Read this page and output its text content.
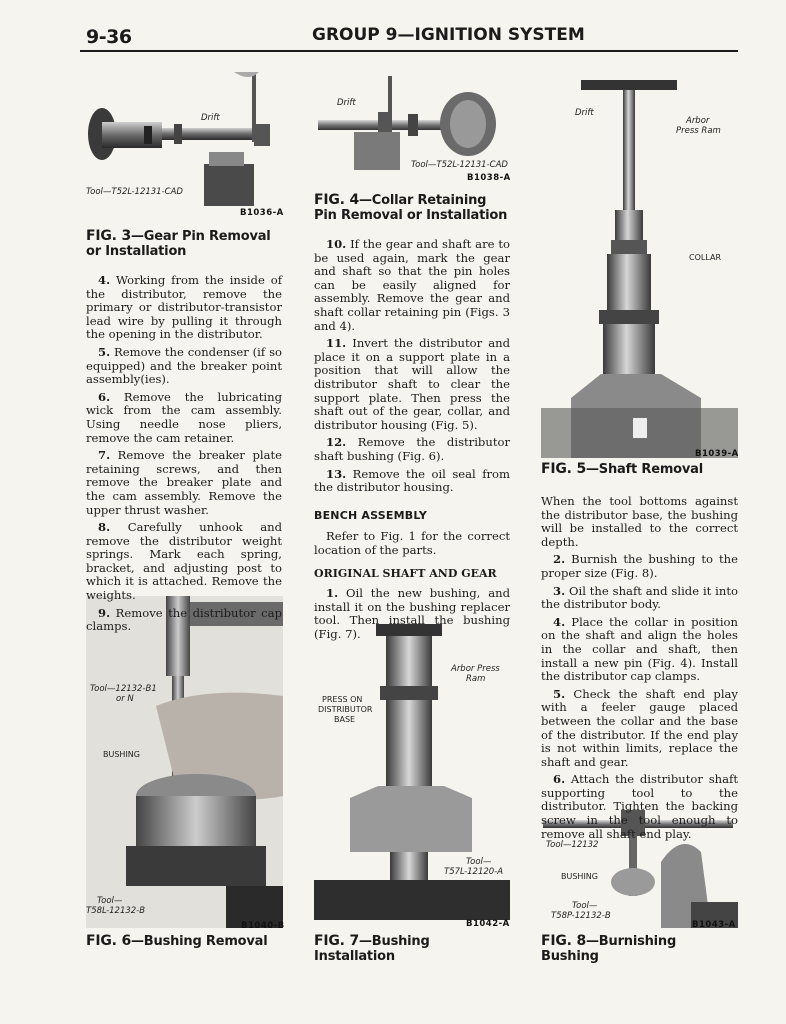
9-36	GROUP 9—IGNITION SYSTEM
Drift
Tool—T52L-12131-CAD
B1036-A
FIG. 3—Gear Pin Removal or Installation
Drift
Tool—T52L-12131-CAD
B1038-A
FIG. 4—Collar Retaining Pin Removal or Installation
Drift
Arbor
Press Ram
COLLAR
B1039-A
FIG. 5—Shaft Removal
Tool—12132-B1
or N
BUSHING
Tool—
T58L-12132-B
B1040-B
FIG. 6—Bushing Removal
Arbor Press
Ram
PRESS ON
DISTRIBUTOR
BASE
Tool—
T57L-12120-A
B1042-A
FIG. 7—Bushing Installation
Tool—12132
BUSHING
Tool—
T58P-12132-B
B1043-A
FIG. 8—Burnishing Bushing

4. Working from the inside of the distributor, remove the primary or distributor-transistor lead wire by pulling it through the opening in the distributor.

5. Remove the condenser (if so equipped) and the breaker point assembly(ies).

6. Remove the lubricating wick from the cam assembly. Using needle nose pliers, remove the cam retainer.

7. Remove the breaker plate retaining screws, and then remove the breaker plate and the cam assembly. Remove the upper thrust washer.

8. Carefully unhook and remove the distributor weight springs. Mark each spring, bracket, and adjusting post to which it is attached. Remove the weights.

9. Remove the distributor cap clamps.

10. If the gear and shaft are to be used again, mark the gear and shaft so that the pin holes can be easily aligned for assembly. Remove the gear and shaft collar retaining pin (Figs. 3 and 4).

11. Invert the distributor and place it on a support plate in a position that will allow the distributor shaft to clear the support plate. Then press the shaft out of the gear, collar, and distributor housing (Fig. 5).

12. Remove the distributor shaft bushing (Fig. 6).

13. Remove the oil seal from the distributor housing.

BENCH ASSEMBLY

Refer to Fig. 1 for the correct location of the parts.

ORIGINAL SHAFT AND GEAR

1. Oil the new bushing, and install it on the bushing replacer tool. Then install the bushing (Fig. 7).

When the tool bottoms against the distributor base, the bushing will be installed to the correct depth.

2. Burnish the bushing to the proper size (Fig. 8).

3. Oil the shaft and slide it into the distributor body.

4. Place the collar in position on the shaft and align the holes in the collar and shaft, then install a new pin (Fig. 4). Install the distributor cap clamps.

5. Check the shaft end play with a feeler gauge placed between the collar and the base of the distributor. If the end play is not within limits, replace the shaft and gear.

6. Attach the distributor shaft supporting tool to the distributor. Tighten the backing screw in the tool enough to remove all shaft end play.
